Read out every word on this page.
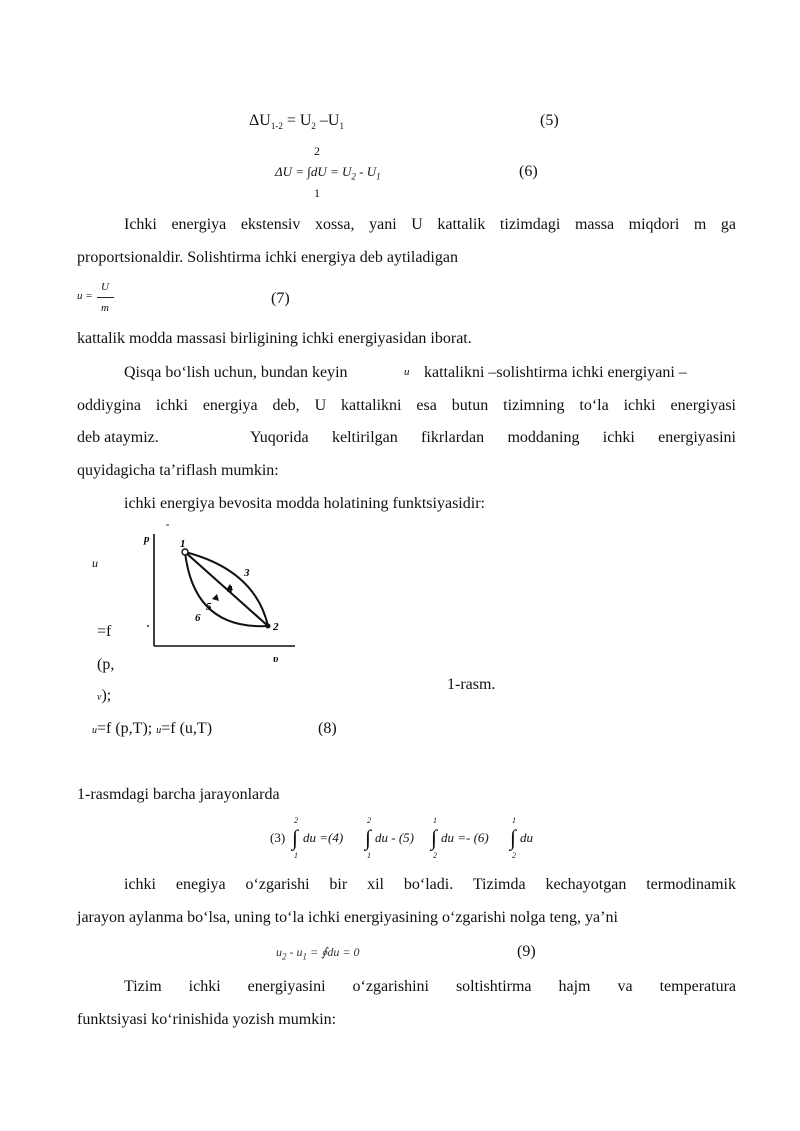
$\Delta U_{1-2} = U_2$ $-U_1$	(5)
2
$\Delta U = \int dU = U_2 - U_1$
1
(6)
Ichki energiya ekstensiv xossa, yani U kattalik tizimdagi massa miqdori m ga
proportsionaldir. Solishtirma ichki energiya deb aytiladigan
u =
U
m
(7)
kattalik modda massasi birligining ichki energiyasidan iborat.
Qisqa bo‘lish uchun, bundan keyin	u kattalikni –solishtirma ichki energiyani –
oddiygina ichki energiya deb, U kattalikni esa butun tizimning to‘la ichki energiyasi
deb ataymiz.	Yuqorida keltirilgan fikrlardan moddaning ichki energiyasini
quyidagicha ta’riflash mumkin:
ichki energiya bevosita modda holatining funktsiyasidir:
u
=f
(p,
v);
p
υ
1
2
3
4
5
6
1-rasm.
u=f (p,T); u=f (u,T)	(8)
1-rasmdagi barcha jarayonlarda
(3)
2
∫
1
du =(4)
2
∫
1
du - (5)
1
∫
2
du =- (6)
1
∫
2
du
ichki enegiya o‘zgarishi bir xil bo‘ladi. Tizimda kechayotgan termodinamik
jarayon aylanma bo‘lsa, uning to‘la ichki energiyasining o‘zgarishi nolga teng, ya’ni
$u_2 - u_1$ = ∮du = 0	(9)
Tizim ichki energiyasini o‘zgarishini soltishtirma hajm va temperatura
funktsiyasi ko‘rinishida yozish mumkin:
